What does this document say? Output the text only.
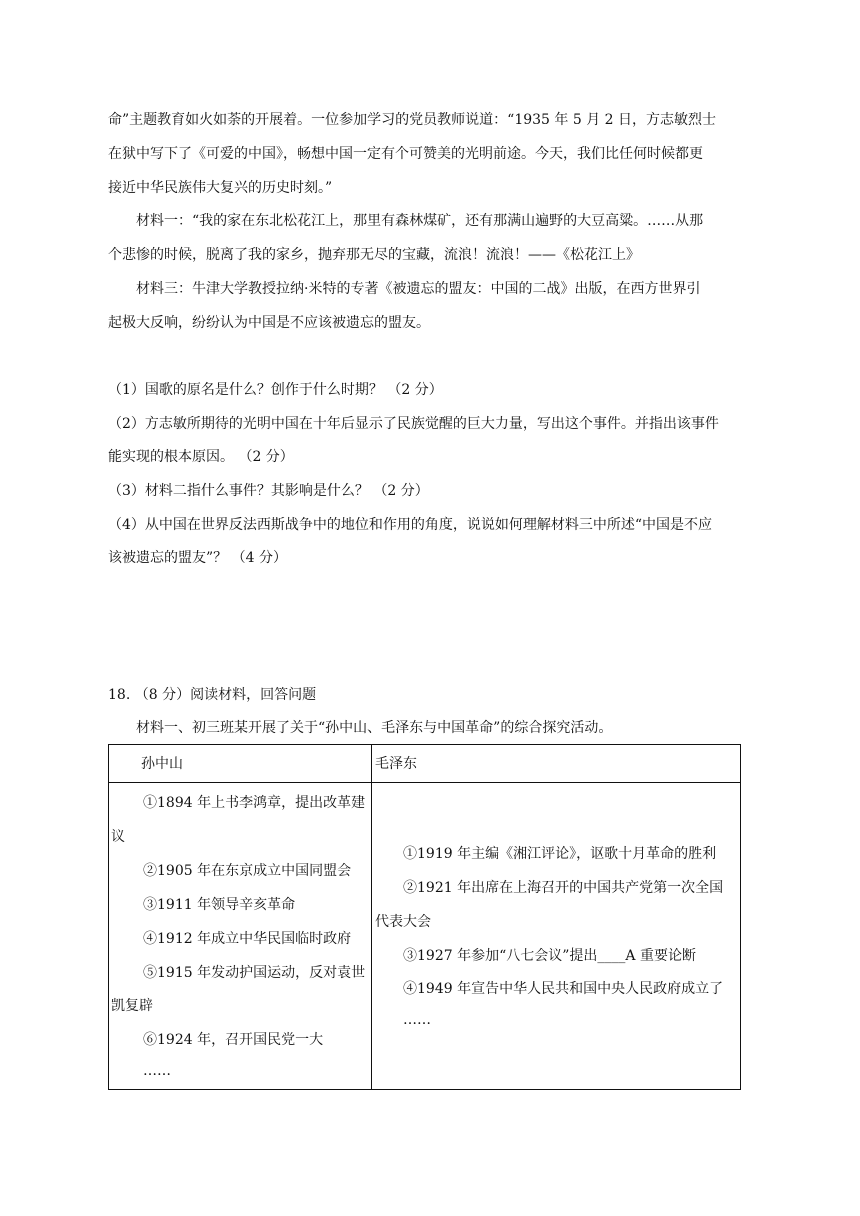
命”主题教育如火如荼的开展着。一位参加学习的党员教师说道：“1935 年 5 月 2 日，方志敏烈士
在狱中写下了《可爱的中国》，畅想中国一定有个可赞美的光明前途。今天，我们比任何时候都更
接近中华民族伟大复兴的历史时刻。”
材料一：“我的家在东北松花江上，那里有森林煤矿，还有那满山遍野的大豆高粱。……从那
个悲惨的时候，脱离了我的家乡，抛弃那无尽的宝藏，流浪！流浪！——《松花江上》
材料三：牛津大学教授拉纳·米特的专著《被遗忘的盟友：中国的二战》出版，在西方世界引
起极大反响，纷纷认为中国是不应该被遗忘的盟友。
（1）国歌的原名是什么？创作于什么时期？ （2 分）
（2）方志敏所期待的光明中国在十年后显示了民族觉醒的巨大力量，写出这个事件。并指出该事件
能实现的根本原因。 （2 分）
（3）材料二指什么事件？其影响是什么？ （2 分）
（4）从中国在世界反法西斯战争中的地位和作用的角度，说说如何理解材料三中所述“中国是不应
该被遗忘的盟友”？ （4 分）
18. （8 分）阅读材料，回答问题
材料一、初三班某开展了关于“孙中山、毛泽东与中国革命”的综合探究活动。
孙中山	毛泽东
①1894 年上书李鸿章，提出改革建
议
②1905 年在东京成立中国同盟会
③1911 年领导辛亥革命
④1912 年成立中华民国临时政府
⑤1915 年发动护国运动，反对袁世
凯复辟
⑥1924 年，召开国民党一大
……
①1919 年主编《湘江评论》，讴歌十月革命的胜利
②1921 年出席在上海召开的中国共产党第一次全国
代表大会
③1927 年参加“八七会议”提出____A 重要论断
④1949 年宣告中华人民共和国中央人民政府成立了
……
